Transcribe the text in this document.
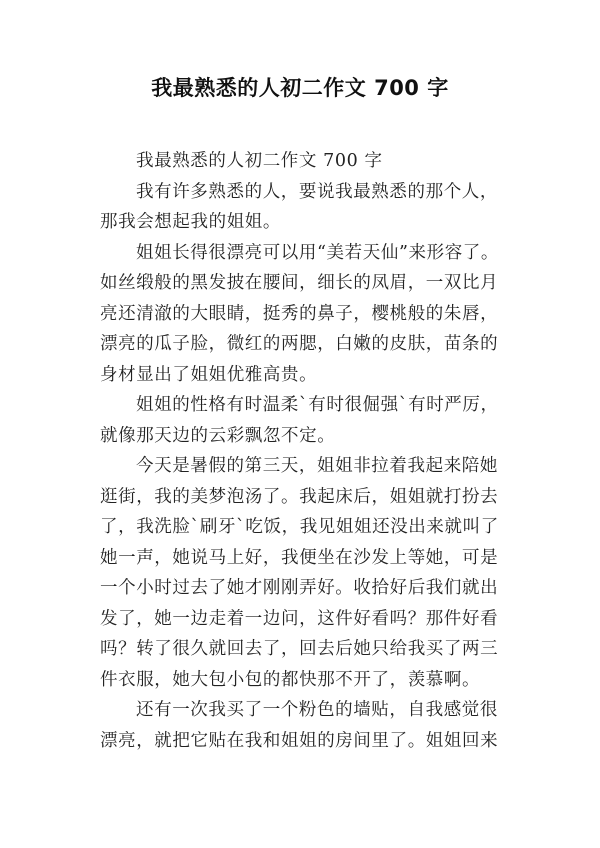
我最熟悉的人初二作文 700 字
我最熟悉的人初二作文 700 字
我有许多熟悉的人，要说我最熟悉的那个人，
那我会想起我的姐姐。
姐姐长得很漂亮可以用“美若天仙”来形容了。
如丝缎般的黑发披在腰间，细长的凤眉，一双比月
亮还清澈的大眼睛，挺秀的鼻子，樱桃般的朱唇，
漂亮的瓜子脸，微红的两腮，白嫩的皮肤，苗条的
身材显出了姐姐优雅高贵。
姐姐的性格有时温柔`有时很倔强`有时严厉，
就像那天边的云彩飘忽不定。
今天是暑假的第三天，姐姐非拉着我起来陪她
逛街，我的美梦泡汤了。我起床后，姐姐就打扮去
了，我洗脸`刷牙`吃饭，我见姐姐还没出来就叫了
她一声，她说马上好，我便坐在沙发上等她，可是
一个小时过去了她才刚刚弄好。收拾好后我们就出
发了，她一边走着一边问，这件好看吗？那件好看
吗？转了很久就回去了，回去后她只给我买了两三
件衣服，她大包小包的都快那不开了，羡慕啊。
还有一次我买了一个粉色的墙贴，自我感觉很
漂亮，就把它贴在我和姐姐的房间里了。姐姐回来
